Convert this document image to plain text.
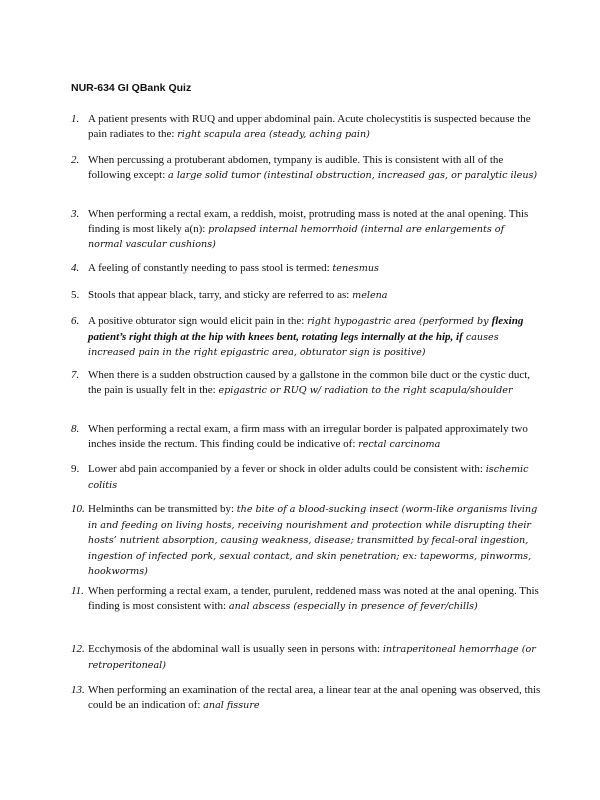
NUR-634 GI QBank Quiz
1. A patient presents with RUQ and upper abdominal pain. Acute cholecystitis is suspected because the pain radiates to the: right scapula area (steady, aching pain)
2. When percussing a protuberant abdomen, tympany is audible. This is consistent with all of the following except: a large solid tumor (intestinal obstruction, increased gas, or paralytic ileus)
3. When performing a rectal exam, a reddish, moist, protruding mass is noted at the anal opening. This finding is most likely a(n): prolapsed internal hemorrhoid (internal are enlargements of normal vascular cushions)
4. A feeling of constantly needing to pass stool is termed: tenesmus
5. Stools that appear black, tarry, and sticky are referred to as: melena
6. A positive obturator sign would elicit pain in the: right hypogastric area (performed by flexing patient’s right thigh at the hip with knees bent, rotating legs internally at the hip, if causes increased pain in the right epigastric area, obturator sign is positive)
7. When there is a sudden obstruction caused by a gallstone in the common bile duct or the cystic duct, the pain is usually felt in the: epigastric or RUQ w/ radiation to the right scapula/shoulder
8. When performing a rectal exam, a firm mass with an irregular border is palpated approximately two inches inside the rectum. This finding could be indicative of: rectal carcinoma
9. Lower abd pain accompanied by a fever or shock in older adults could be consistent with: ischemic colitis
10. Helminths can be transmitted by: the bite of a blood-sucking insect (worm-like organisms living in and feeding on living hosts, receiving nourishment and protection while disrupting their hosts’ nutrient absorption, causing weakness, disease; transmitted by fecal-oral ingestion, ingestion of infected pork, sexual contact, and skin penetration; ex: tapeworms, pinworms, hookworms)
11. When performing a rectal exam, a tender, purulent, reddened mass was noted at the anal opening. This finding is most consistent with: anal abscess (especially in presence of fever/chills)
12. Ecchymosis of the abdominal wall is usually seen in persons with: intraperitoneal hemorrhage (or retroperitoneal)
13. When performing an examination of the rectal area, a linear tear at the anal opening was observed, this could be an indication of: anal fissure
